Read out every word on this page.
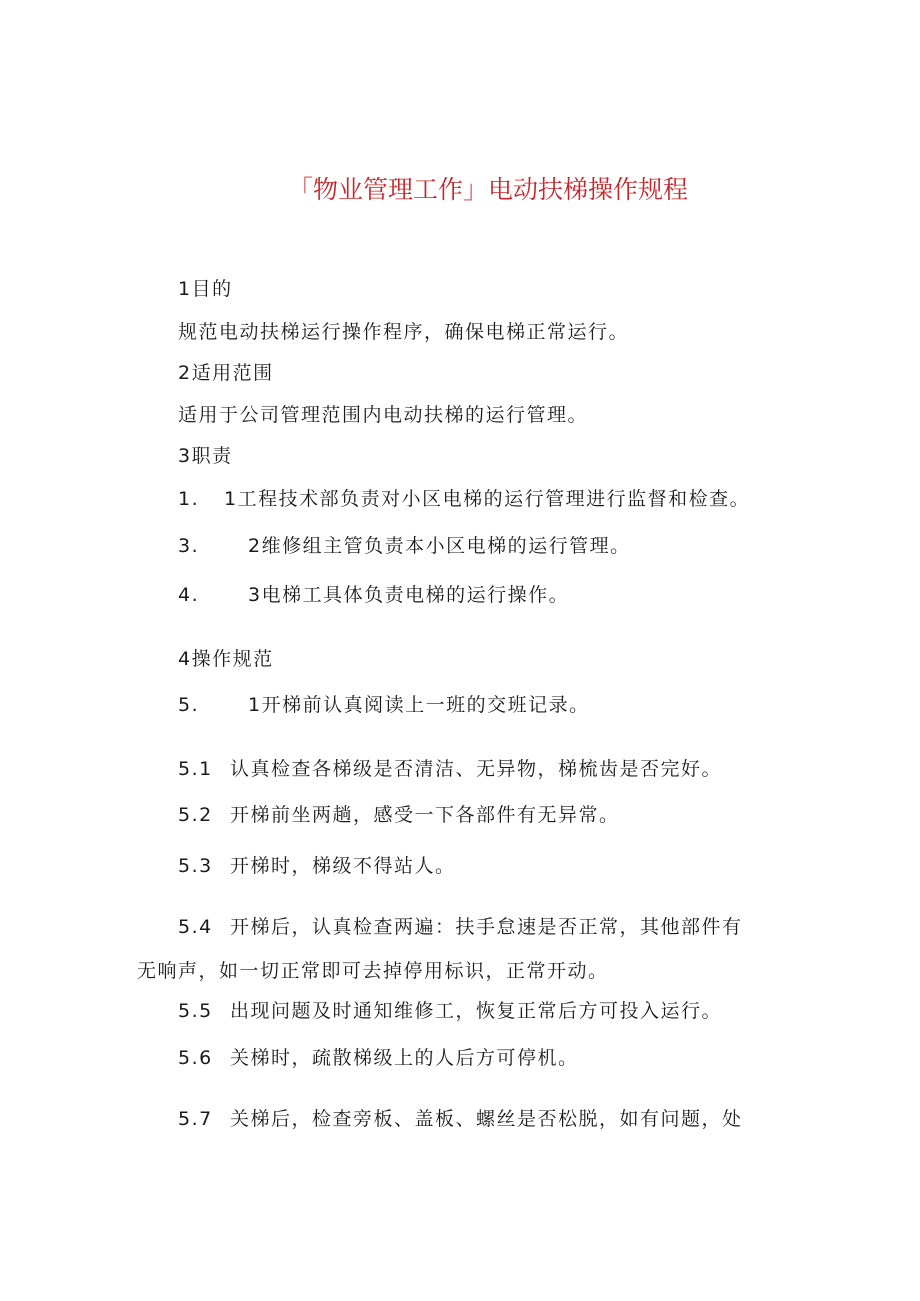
「物业管理工作」电动扶梯操作规程
1目的
规范电动扶梯运行操作程序，确保电梯正常运行。
2适用范围
适用于公司管理范围内电动扶梯的运行管理。
3职责
1. 1工程技术部负责对小区电梯的运行管理进行监督和检查。
3.	2维修组主管负责本小区电梯的运行管理。
4.	3电梯工具体负责电梯的运行操作。
4操作规范
5.	1开梯前认真阅读上一班的交班记录。
5.1 认真检查各梯级是否清洁、无异物，梯梳齿是否完好。
5.2 开梯前坐两趟，感受一下各部件有无异常。
5.3 开梯时，梯级不得站人。
5.4 开梯后，认真检查两遍：扶手怠速是否正常，其他部件有
无响声，如一切正常即可去掉停用标识，正常开动。
5.5 出现问题及时通知维修工，恢复正常后方可投入运行。
5.6 关梯时，疏散梯级上的人后方可停机。
5.7 关梯后，检查旁板、盖板、螺丝是否松脱，如有问题，处
